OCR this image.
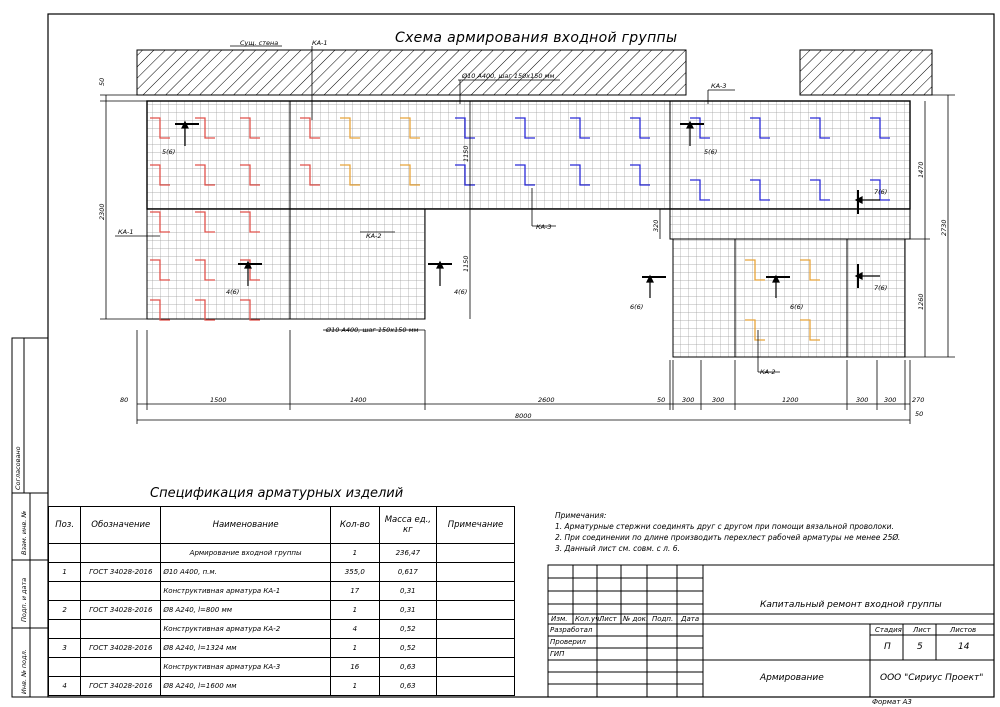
КА-1
Сущ. стена
Ø10 А400, шаг 150х150 мм
КА-3
КА-1	КА-2
КА-3
Ø10 А400, шаг 150х150 мм
КА-2
5(6)	5(6)
4(6)	4(6)
6(6)	6(6)
7(6)
7(6)
50
2300
1150
1150
320
1470
1260
2730
80	1500	1400	2600	50	300	300	1200	300 300 270
8000	50
Схема армирования входной группы
Спецификация арматурных изделий
Поз.	Обозначение	Наименование	Кол-во	Масса ед., кг	Примечание
		Армирование входной группы	1	236,47	
1	ГОСТ 34028-2016	Ø10 А400, п.м.	355,0	0,617	
		Конструктивная арматура КА-1	17	0,31	
2	ГОСТ 34028-2016	Ø8 А240, l=800 мм	1	0,31	
		Конструктивная арматура КА-2	4	0,52	
3	ГОСТ 34028-2016	Ø8 А240, l=1324 мм	1	0,52	
		Конструктивная арматура КА-3	16	0,63	
4	ГОСТ 34028-2016	Ø8 А240, l=1600 мм	1	0,63	
Примечания:
1. Арматурные стержни соединять друг с другом при помощи вязальной проволоки.
2. При соединении по длине производить перехлест рабочей арматуры не менее 25Ø.
3. Данный лист см. совм. с л. 6.
Изм. Кол.уч.
Лист № док. Подп. Дата
Разработал
Проверил
ГИП
Капитальный ремонт входной группы
Армирование	ООО "Сириус Проект"
Стадия Лист	Листов
П	5	14
Формат А3
Согласовано
Взам. инв. №
Подп. и дата
Инв. № подл.
